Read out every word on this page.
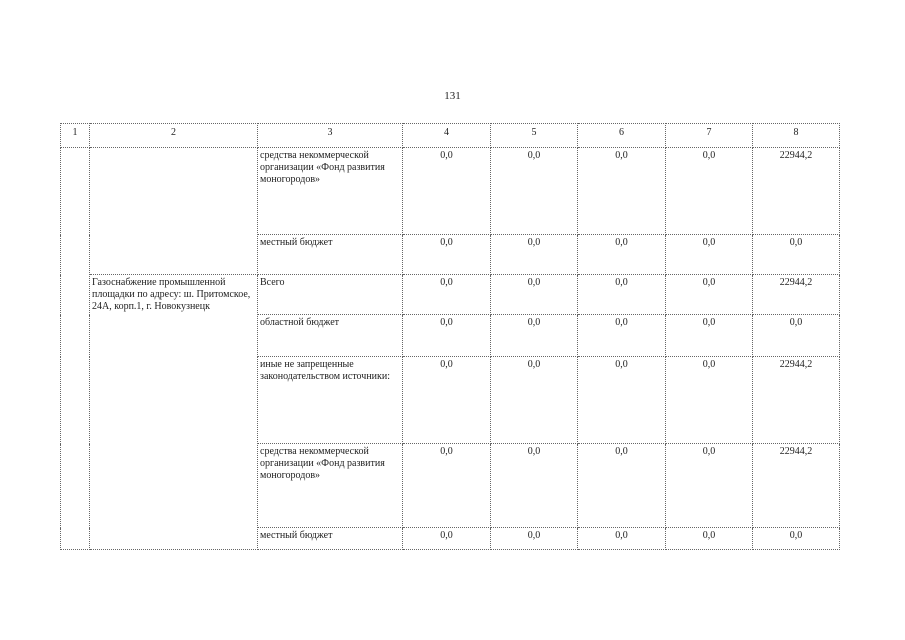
131
1	2	3	4	5	6	7	8
		средства некоммерческой организации «Фонд развития моногородов»	0,0	0,0	0,0	0,0	22944,2
		местный бюджет	0,0	0,0	0,0	0,0	0,0
	Газоснабжение промышленной площадки по адресу: ш. Притомское, 24А, корп.1, г. Новокузнецк	Всего	0,0	0,0	0,0	0,0	22944,2
		областной бюджет	0,0	0,0	0,0	0,0	0,0
		иные не запрещенные законодательством источники:	0,0	0,0	0,0	0,0	22944,2
		средства некоммерческой организации «Фонд развития моногородов»	0,0	0,0	0,0	0,0	22944,2
		местный бюджет	0,0	0,0	0,0	0,0	0,0
